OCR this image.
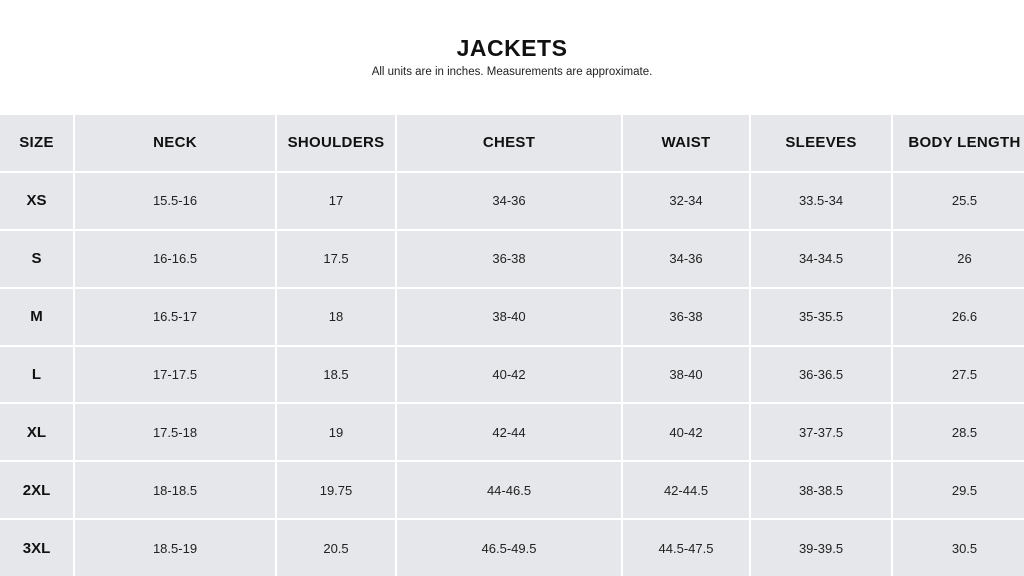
JACKETS
All units are in inches. Measurements are approximate.
SIZE	NECK	SHOULDERS	CHEST	WAIST	SLEEVES	BODY LENGTH
XS	15.5-16	17	34-36	32-34	33.5-34	25.5
S	16-16.5	17.5	36-38	34-36	34-34.5	26
M	16.5-17	18	38-40	36-38	35-35.5	26.6
L	17-17.5	18.5	40-42	38-40	36-36.5	27.5
XL	17.5-18	19	42-44	40-42	37-37.5	28.5
2XL	18-18.5	19.75	44-46.5	42-44.5	38-38.5	29.5
3XL	18.5-19	20.5	46.5-49.5	44.5-47.5	39-39.5	30.5
